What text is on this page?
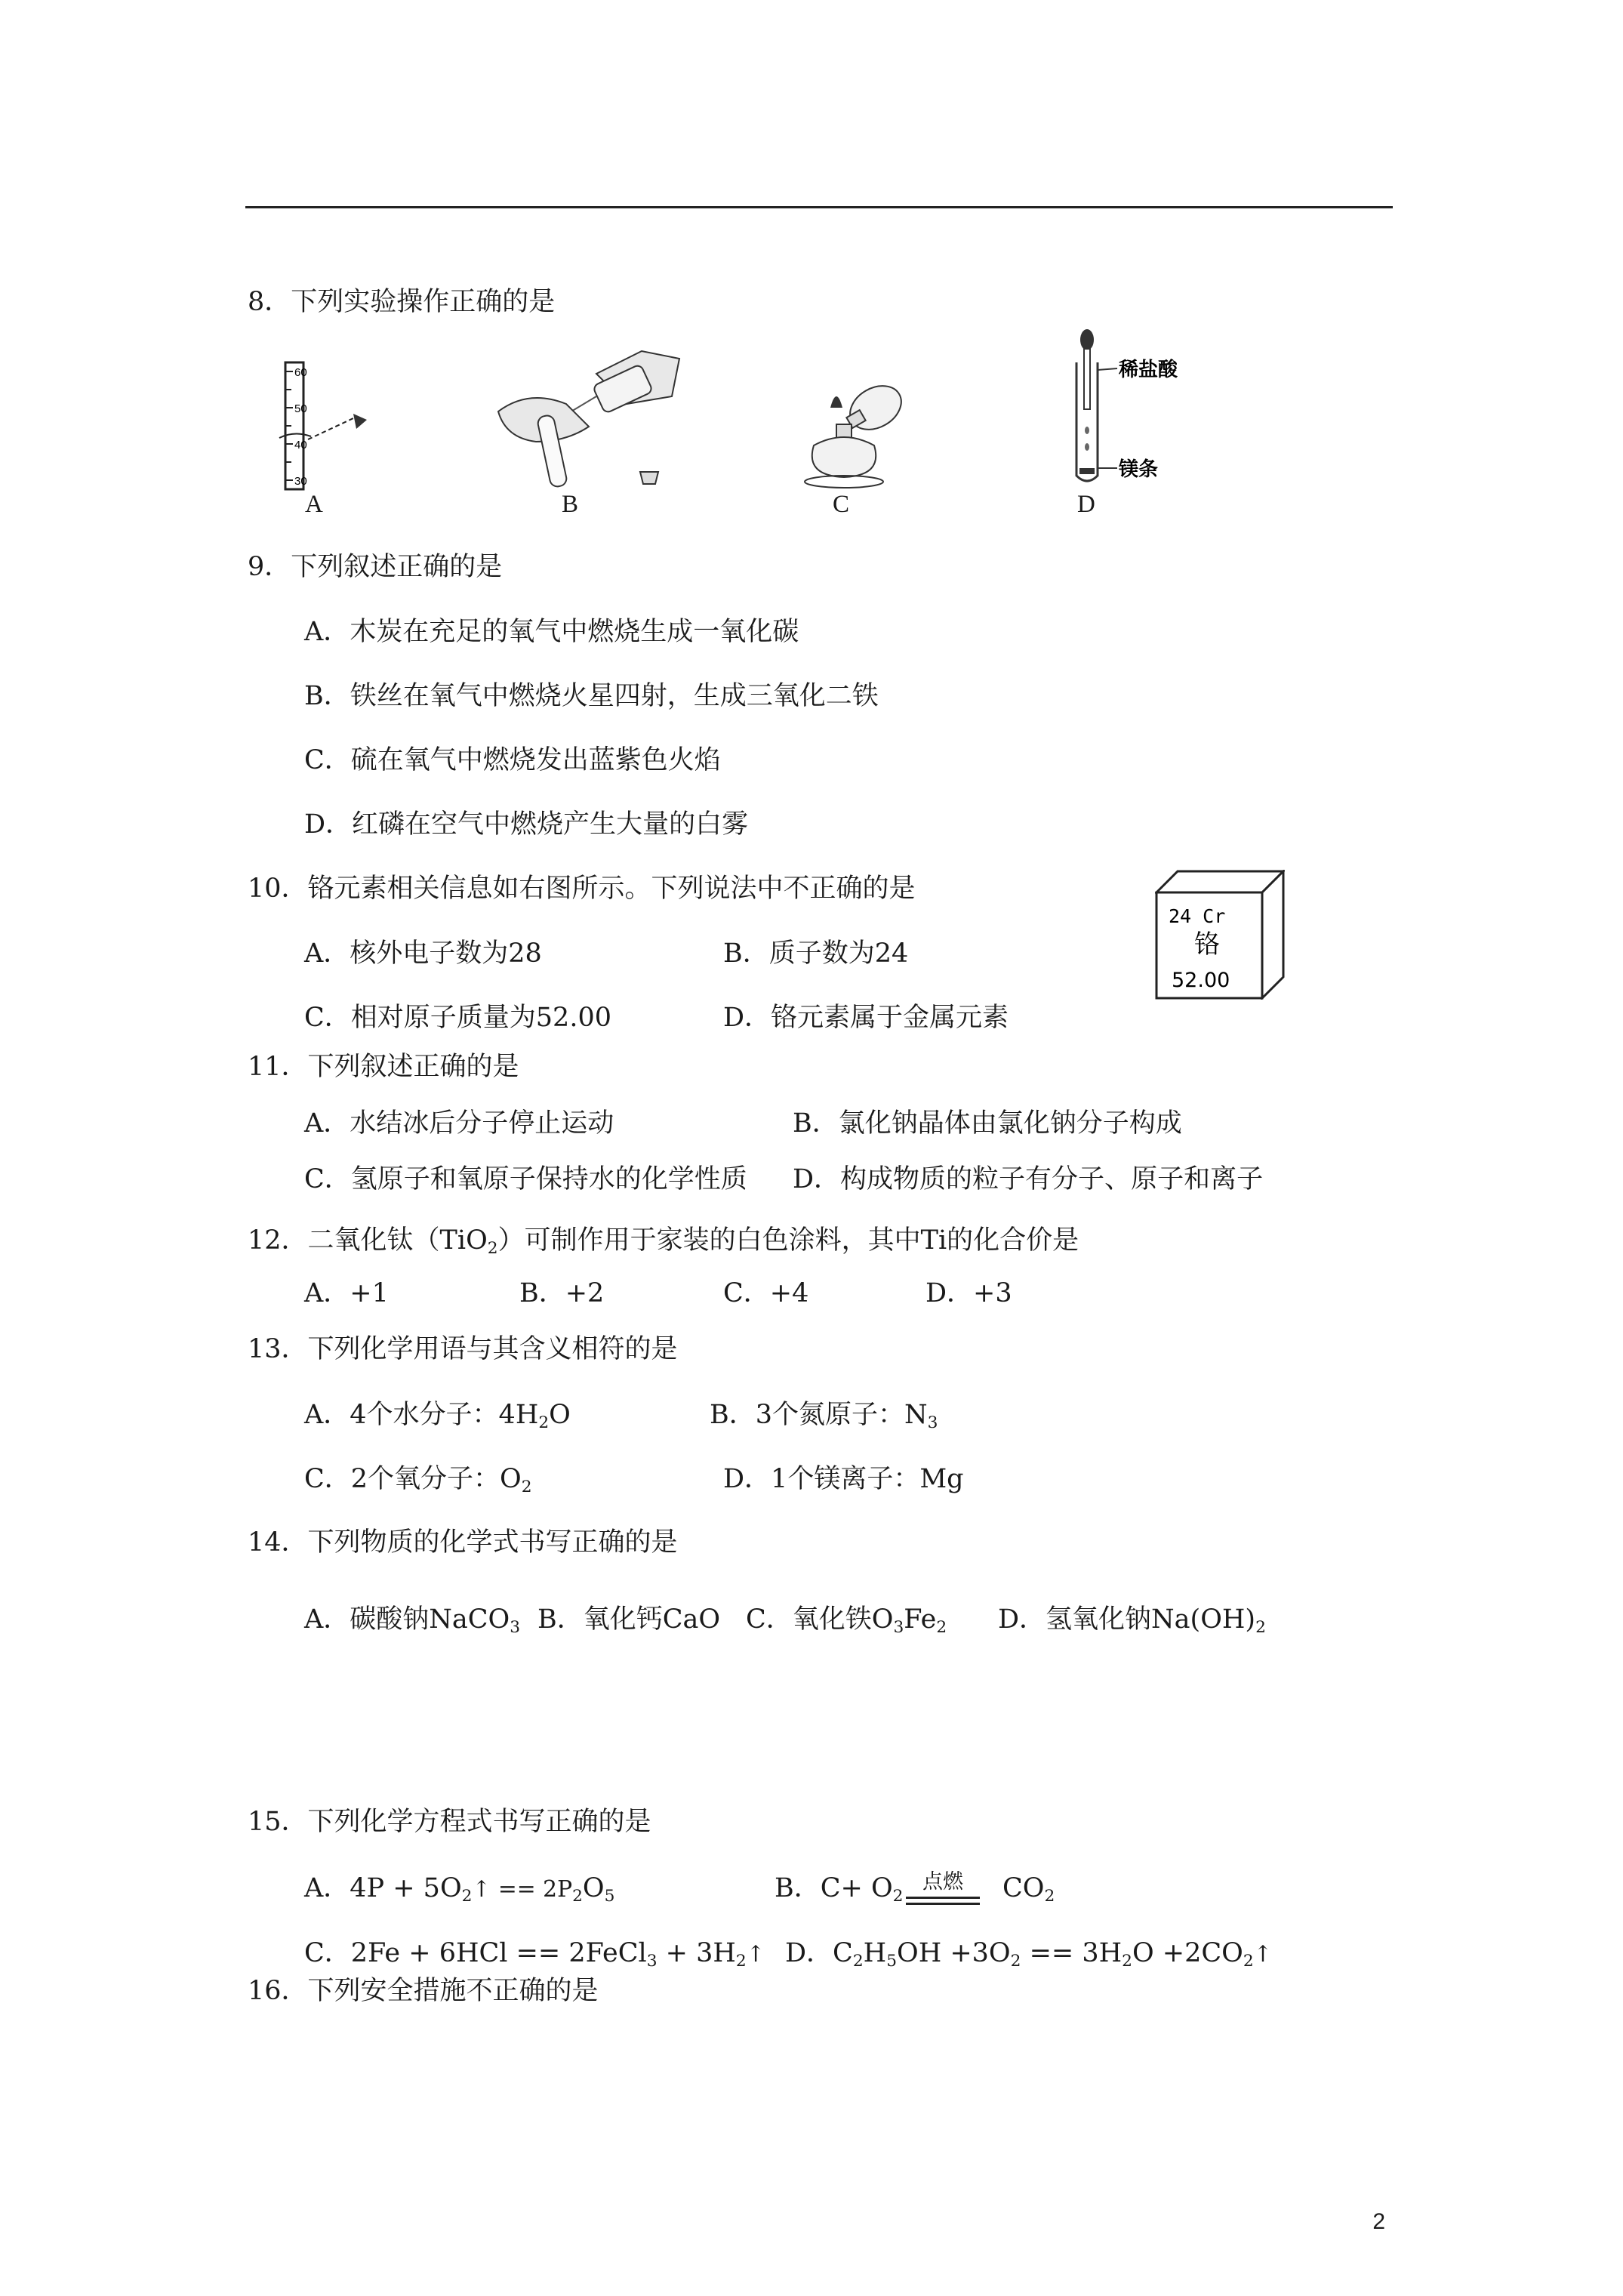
8．下列实验操作正确的是
60
50
40
30
A	B	C
稀盐酸
镁条
D
9．下列叙述正确的是
A．木炭在充足的氧气中燃烧生成一氧化碳
B．铁丝在氧气中燃烧火星四射，生成三氧化二铁
C．硫在氧气中燃烧发出蓝紫色火焰
D．红磷在空气中燃烧产生大量的白雾
10．铬元素相关信息如右图所示。下列说法中不正确的是
A．核外电子数为28	B．质子数为24
C．相对原子质量为52.00	D．铬元素属于金属元素
24 Cr
铬
52.00
11．下列叙述正确的是
A．水结冰后分子停止运动	B．氯化钠晶体由氯化钠分子构成
C．氢原子和氧原子保持水的化学性质 D．构成物质的粒子有分子、原子和离子
12．二氧化钛（TiO$_2$）可制作用于家装的白色涂料，其中Ti的化合价是
A．+1	B．+2	C．+4	D．+3
13．下列化学用语与其含义相符的是
A．4个水分子：$4H_2O$	B．3个氮原子：$N_3$
C．2个氧分子：$O_2$	D．1个镁离子：Mg
14．下列物质的化学式书写正确的是
A．碳酸钠NaCO$_3$ B．氧化钙CaO C．氧化铁$O_3Fe_2$ D．氢氧化钠$Na(OH)_2$
15．下列化学方程式书写正确的是
A．$4P + 5O_2↑ == 2P_2O_5$	B．$C+ O_2$
点燃	$CO_2$
C．2Fe + 6HCl == 2FeCl$_3$ + $3H_2↑$ D．$C_2H_5OH +3O_2 == 3H_2O$ $+2CO_2↑$
16．下列安全措施不正确的是
2
